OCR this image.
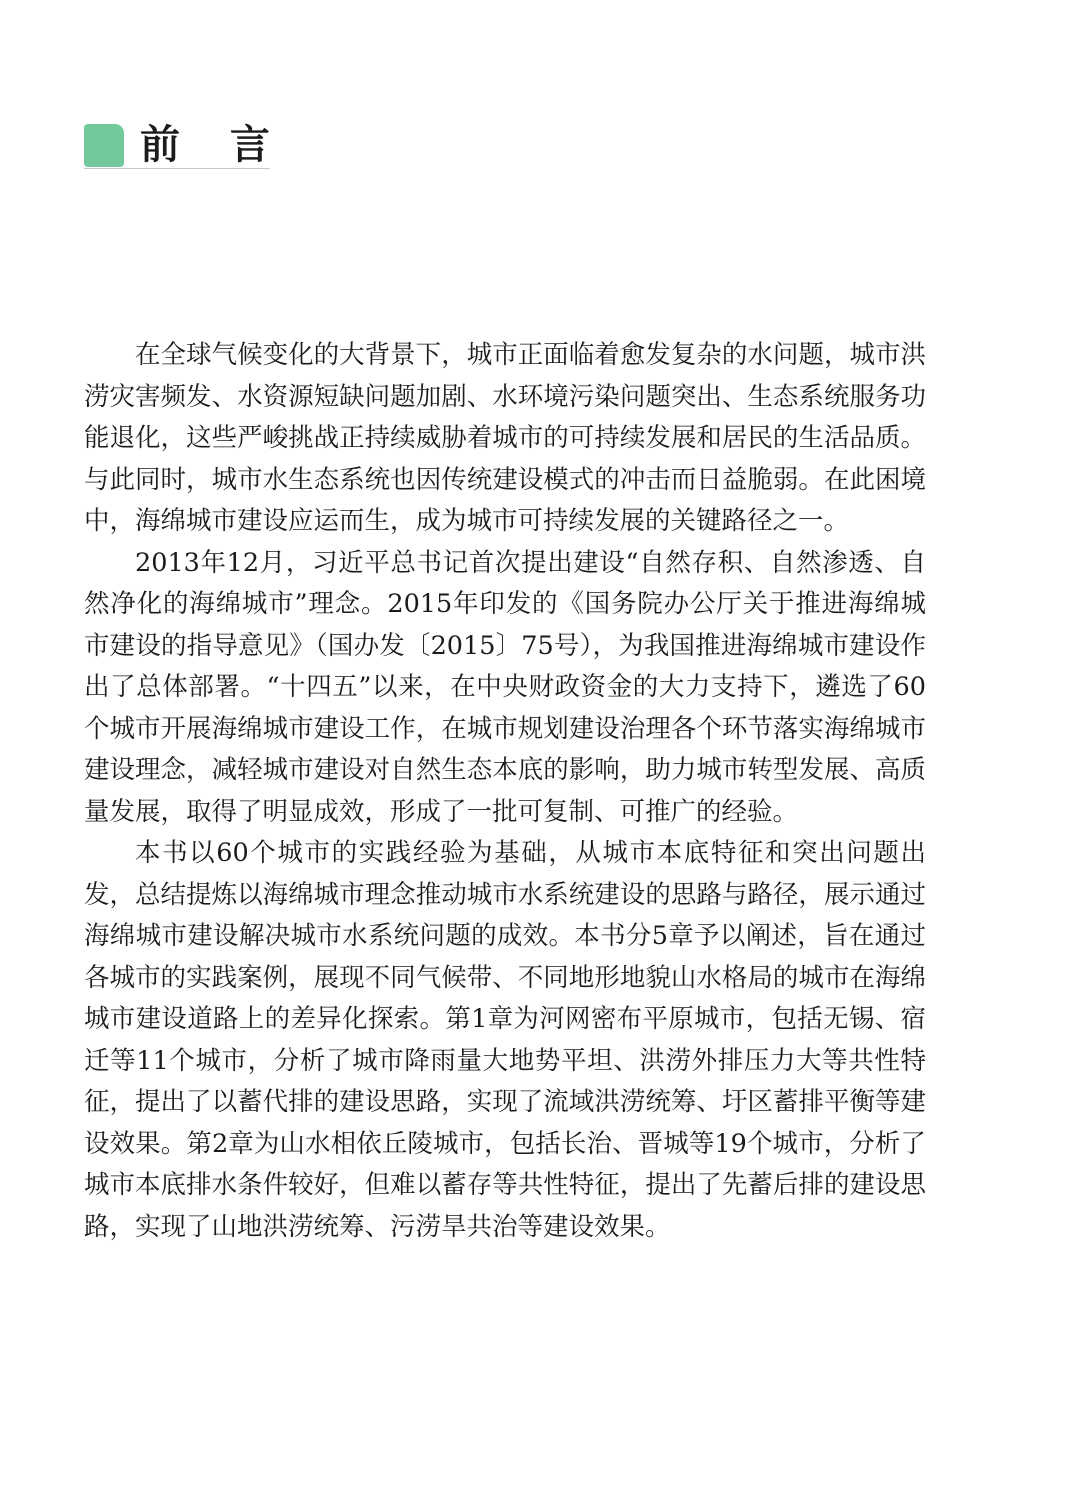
前 言

在全球气候变化的大背景下，城市正面临着愈发复杂的水问题，城市洪涝灾害频发、水资源短缺问题加剧、水环境污染问题突出、生态系统服务功能退化，这些严峻挑战正持续威胁着城市的可持续发展和居民的生活品质。与此同时，城市水生态系统也因传统建设模式的冲击而日益脆弱。在此困境中，海绵城市建设应运而生，成为城市可持续发展的关键路径之一。

2013年12月，习近平总书记首次提出建设“自然存积、自然渗透、自然净化的海绵城市”理念。2015年印发的《国务院办公厅关于推进海绵城市建设的指导意见》（国办发〔2015〕75号），为我国推进海绵城市建设作出了总体部署。“十四五”以来，在中央财政资金的大力支持下，遴选了60个城市开展海绵城市建设工作，在城市规划建设治理各个环节落实海绵城市建设理念，减轻城市建设对自然生态本底的影响，助力城市转型发展、高质量发展，取得了明显成效，形成了一批可复制、可推广的经验。

本书以60个城市的实践经验为基础，从城市本底特征和突出问题出发，总结提炼以海绵城市理念推动城市水系统建设的思路与路径，展示通过海绵城市建设解决城市水系统问题的成效。本书分5章予以阐述，旨在通过各城市的实践案例，展现不同气候带、不同地形地貌山水格局的城市在海绵城市建设道路上的差异化探索。第1章为河网密布平原城市，包括无锡、宿迁等11个城市，分析了城市降雨量大地势平坦、洪涝外排压力大等共性特征，提出了以蓄代排的建设思路，实现了流域洪涝统筹、圩区蓄排平衡等建设效果。第2章为山水相依丘陵城市，包括长治、晋城等19个城市，分析了城市本底排水条件较好，但难以蓄存等共性特征，提出了先蓄后排的建设思路，实现了山地洪涝统筹、污涝旱共治等建设效果。
